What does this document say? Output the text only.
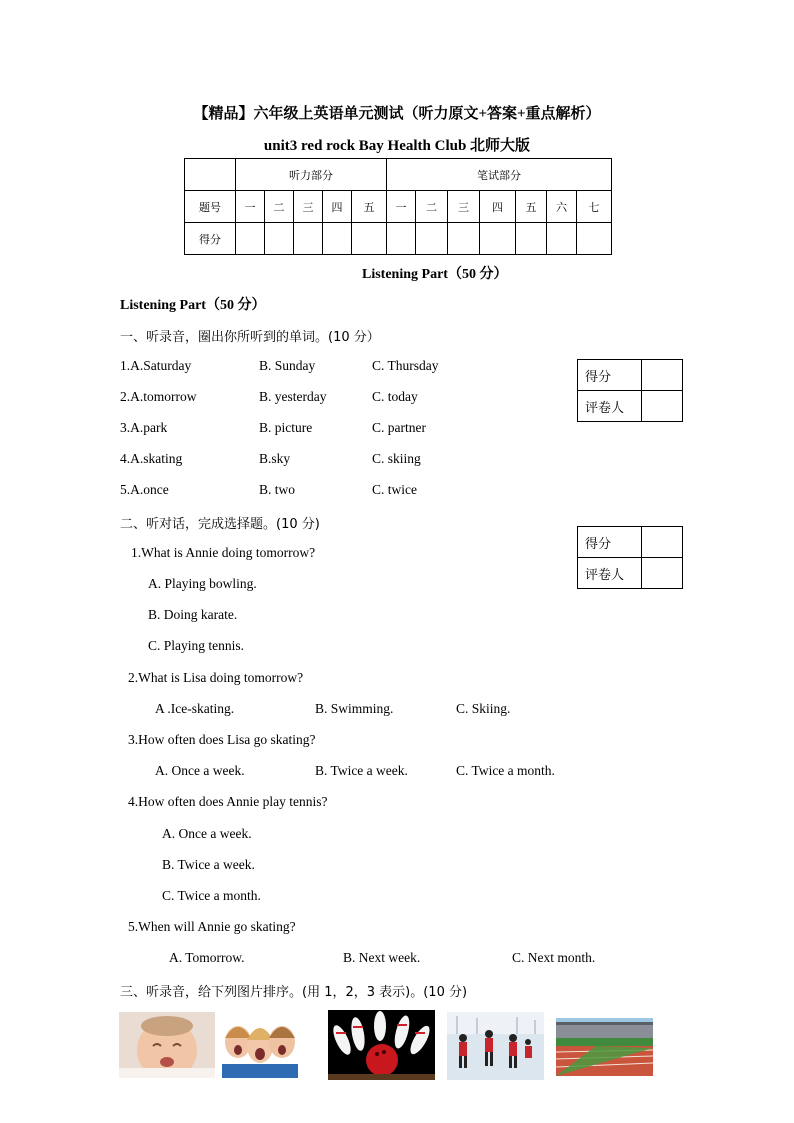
【精品】六年级上英语单元测试（听力原文+答案+重点解析）
unit3 red rock Bay Health Club 北师大版
	听力部分					笔试部分						
题号	一	二	三	四	五	一	二	三	四	五	六	七
得分												
Listening Part（50 分）
Listening Part（50 分）
一、听录音，圈出你所听到的单词。(10 分）
1.A.Saturday	B. Sunday	C. Thursday
2.A.tomorrow	B. yesterday	C. today
3.A.park	B. picture	C. partner
4.A.skating	B.sky	C. skiing
5.A.once	B. two	C. twice
得分	
评卷人	
得分	
评卷人	
二、听对话，完成选择题。(10 分)
1.What is Annie doing tomorrow?
A. Playing bowling.
B. Doing karate.
C. Playing tennis.
2.What is Lisa doing tomorrow?
A .Ice-skating.	B. Swimming.	C. Skiing.
3.How often does Lisa go skating?
A. Once a week.	B. Twice a week.	C. Twice a month.
4.How often does Annie play tennis?
A. Once a week.
B. Twice a week.
C. Twice a month.
5.When will Annie go skating?
A. Tomorrow.	B. Next week.	C. Next month.
三、听录音，给下列图片排序。(用 1，2，3 表示)。(10 分)
